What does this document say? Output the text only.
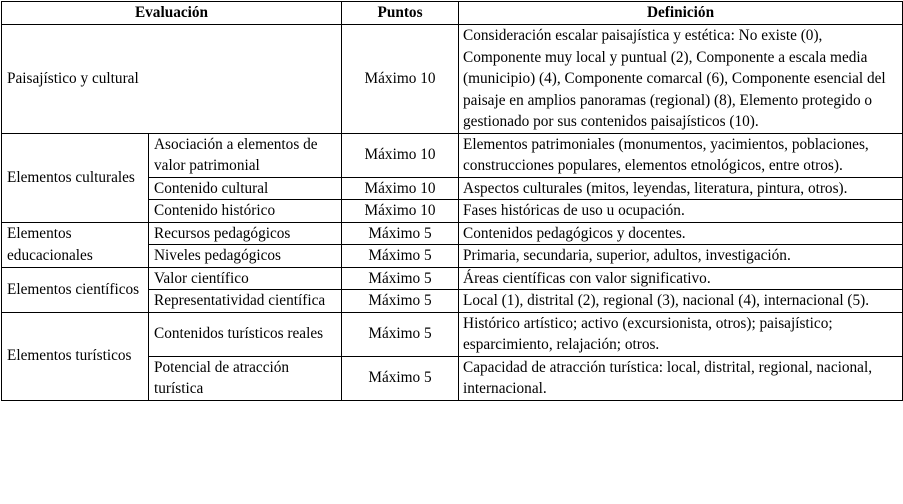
Evaluación		Puntos	Definición
Paisajístico y cultural		Máximo 10	Consideración escalar paisajística y estética: No existe (0), Componente muy local y puntual (2), Componente a escala media (municipio) (4), Componente comarcal (6), Componente esencial del paisaje en amplios panoramas (regional) (8), Elemento protegido o gestionado por sus contenidos paisajísticos (10).
Elementos culturales	Asociación a elementos de valor patrimonial	Máximo 10	Elementos patrimoniales (monumentos, yacimientos, poblaciones, construcciones populares, elementos etnológicos, entre otros).
	Contenido cultural	Máximo 10	Aspectos culturales (mitos, leyendas, literatura, pintura, otros).
	Contenido histórico	Máximo 10	Fases históricas de uso u ocupación.
Elementos educacionales	Recursos pedagógicos	Máximo 5	Contenidos pedagógicos y docentes.
	Niveles pedagógicos	Máximo 5	Primaria, secundaria, superior, adultos, investigación.
Elementos científicos	Valor científico	Máximo 5	Áreas científicas con valor significativo.
	Representatividad científica	Máximo 5	Local (1), distrital (2), regional (3), nacional (4), internacional (5).
Elementos turísticos	Contenidos turísticos reales	Máximo 5	Histórico artístico; activo (excursionista, otros); paisajístico; esparcimiento, relajación; otros.
	Potencial de atracción turística	Máximo 5	Capacidad de atracción turística: local, distrital, regional, nacional, internacional.
